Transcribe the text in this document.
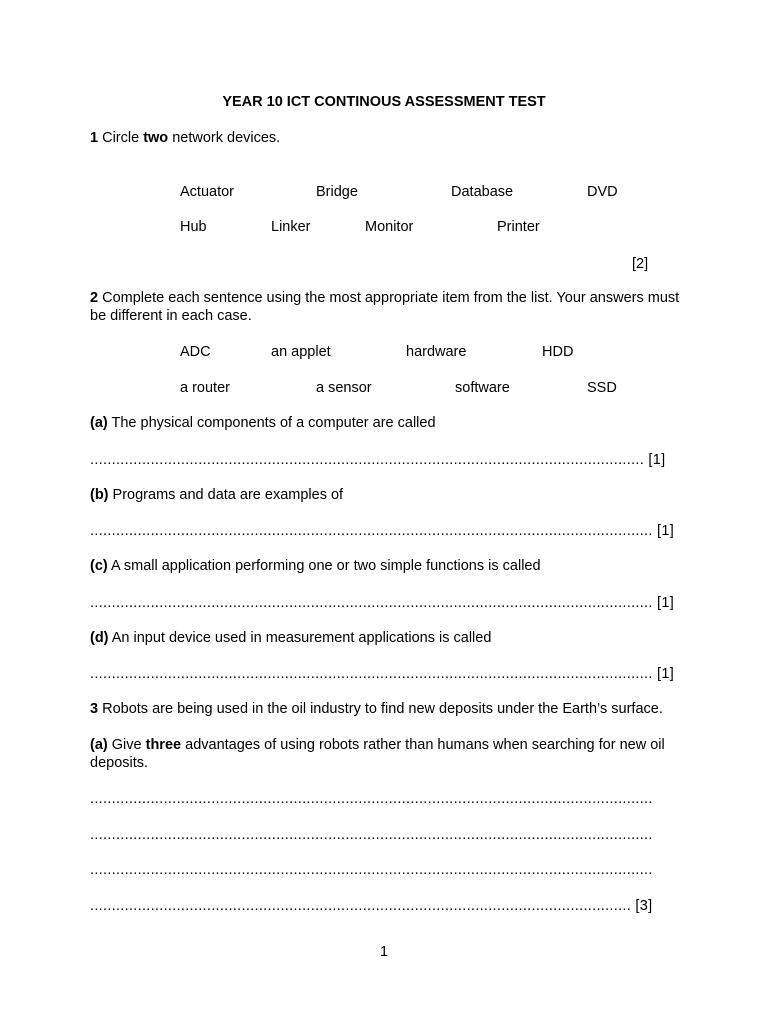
YEAR 10 ICT CONTINOUS ASSESSMENT TEST
1 Circle two network devices.
Actuator	Bridge	Database	DVD
Hub	Linker	Monitor	Printer
[2]
2 Complete each sentence using the most appropriate item from the list. Your answers must be different in each case.
ADC	an applet	hardware	HDD
a router	a sensor	software	SSD
(a) The physical components of a computer are called
................................................................................................................................ [1]
(b) Programs and data are examples of
.................................................................................................................................. [1]
(c) A small application performing one or two simple functions is called
.................................................................................................................................. [1]
(d) An input device used in measurement applications is called
.................................................................................................................................. [1]
3 Robots are being used in the oil industry to find new deposits under the Earth’s surface.
(a) Give three advantages of using robots rather than humans when searching for new oil deposits.
..................................................................................................................................
..................................................................................................................................
..................................................................................................................................
............................................................................................................................. [3]
1
